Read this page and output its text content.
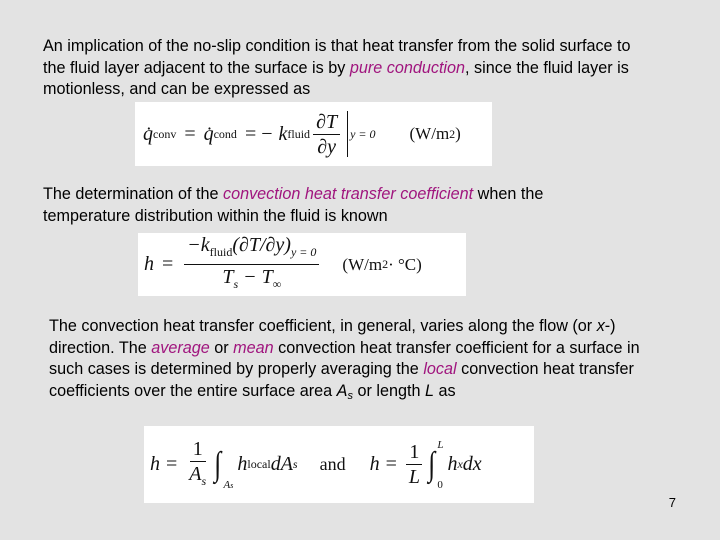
An implication of the no-slip condition is that heat transfer from the solid surface to the fluid layer adjacent to the surface is by pure conduction, since the fluid layer is motionless, and can be expressed as

q̇ conv = q̇ cond = − k fluid $\frac{\partial T}{\partial y}$ y = 0 (W/m 2 )

The determination of the convection heat transfer coefficient when the temperature distribution within the fluid is known

$h = \frac{-k_{fluid}(\partial T/\partial y)_{y = 0}}{T_s - T_\infty} (W/m$ 2 · °C)

The convection heat transfer coefficient, in general, varies along the flow (or x-) direction. The average or mean convection heat transfer coefficient for a surface in such cases is determined by properly averaging the local convection heat transfer coefficients over the entire surface area $A_s$ or length L as

$h = \frac{1}{A_s}$ ∫

As
h local dA s and $h = \frac{1}{L}$ ∫
L
0
h x dx
7
